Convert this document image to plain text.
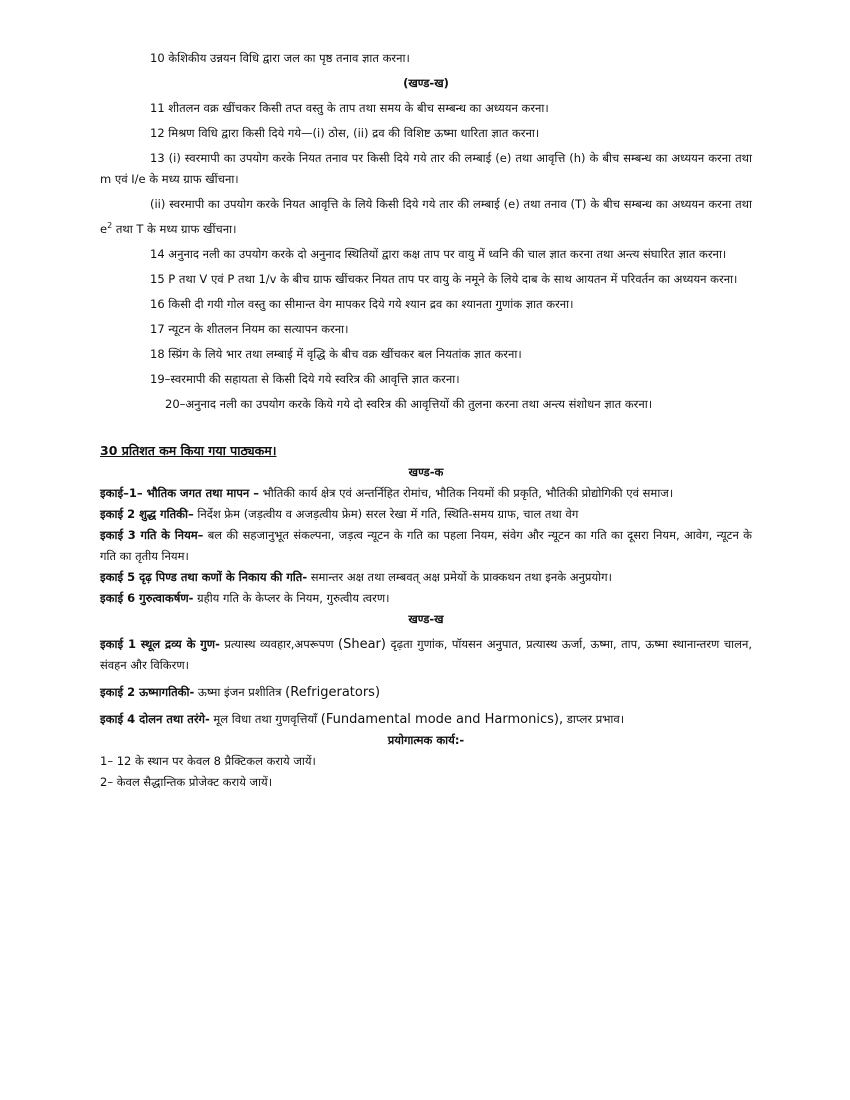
10 केशिकीय उन्नयन विधि द्वारा जल का पृष्ठ तनाव ज्ञात करना।

(खण्ड-ख)

11 शीतलन वक्र खींचकर किसी तप्त वस्तु के ताप तथा समय के बीच सम्बन्ध का अध्ययन करना।

12 मिश्रण विधि द्वारा किसी दिये गये—(i) ठोस, (ii) द्रव की विशिष्ट ऊष्मा धारिता ज्ञात करना।

13 (i) स्वरमापी का उपयोग करके नियत तनाव पर किसी दिये गये तार की लम्बाई (e) तथा आवृत्ति (h) के बीच सम्बन्ध का अध्ययन करना तथा m एवं I/e के मध्य ग्राफ खींचना।

(ii) स्वरमापी का उपयोग करके नियत आवृत्ति के लिये किसी दिये गये तार की लम्बाई (e) तथा तनाव (T) के बीच सम्बन्ध का अध्ययन करना तथा $e^2$ तथा T के मध्य ग्राफ खींचना।

14 अनुनाद नली का उपयोग करके दो अनुनाद स्थितियों द्वारा कक्ष ताप पर वायु में ध्वनि की चाल ज्ञात करना तथा अन्त्य संघारित ज्ञात करना।

15 P तथा V एवं P तथा 1/v के बीच ग्राफ खींचकर नियत ताप पर वायु के नमूने के लिये दाब के साथ आयतन में परिवर्तन का अध्ययन करना।

16 किसी दी गयी गोल वस्तु का सीमान्त वेग मापकर दिये गये श्यान द्रव का श्यानता गुणांक ज्ञात करना।

17 न्यूटन के शीतलन नियम का सत्यापन करना।

18 स्प्रिंग के लिये भार तथा लम्बाई में वृद्धि के बीच वक्र खींचकर बल नियतांक ज्ञात करना।

19–स्वरमापी की सहायता से किसी दिये गये स्वरित्र की आवृत्ति ज्ञात करना।

20–अनुनाद नली का उपयोग करके किये गये दो स्वरित्र की आवृत्तियों की तुलना करना तथा अन्त्य संशोधन ज्ञात करना।

30 प्रतिशत कम किया गया पाठ्यकम।

खण्ड-क

इकाई–1– भौतिक जगत तथा मापन – भौतिकी कार्य क्षेत्र एवं अन्तर्निहित रोमांच, भौतिक नियमों की प्रकृति, भौतिकी प्रोद्योगिकी एवं समाज।

इकाई 2 शुद्ध गतिकी– निर्देश फ्रेम (जड़त्वीय व अजड़त्वीय फ्रेम) सरल रेखा में गति, स्थिति-समय ग्राफ, चाल तथा वेग

इकाई 3 गति के नियम– बल की सहजानुभूत संकल्पना, जड़त्व न्यूटन के गति का पहला नियम, संवेग और न्यूटन का गति का दूसरा नियम, आवेग, न्यूटन के गति का तृतीय नियम।

इकाई 5 दृढ़ पिण्ड तथा कणों के निकाय की गति- समान्तर अक्ष तथा लम्बवत् अक्ष प्रमेयों के प्राक्कथन तथा इनके अनुप्रयोग।

इकाई 6 गुरुत्वाकर्षण- ग्रहीय गति के केप्लर के नियम, गुरुत्वीय त्वरण।

खण्ड-ख

इकाई 1 स्थूल द्रव्य के गुण- प्रत्यास्थ व्यवहार,अपरूपण (Shear) दृढ़ता गुणांक, पॉयसन अनुपात, प्रत्यास्थ ऊर्जा, ऊष्मा, ताप, ऊष्मा स्थानान्तरण चालन, संवहन और विकिरण।

इकाई 2 ऊष्मागतिकी- ऊष्मा इंजन प्रशीतित्र (Refrigerators)

इकाई 4 दोलन तथा तरंगे- मूल विधा तथा गुणवृत्तियाँ (Fundamental mode and Harmonics), डाप्लर प्रभाव।

प्रयोगात्मक कार्य:-

1– 12 के स्थान पर केवल 8 प्रैक्टिकल कराये जायें।

2– केवल सैद्धान्तिक प्रोजेक्ट कराये जायें।
